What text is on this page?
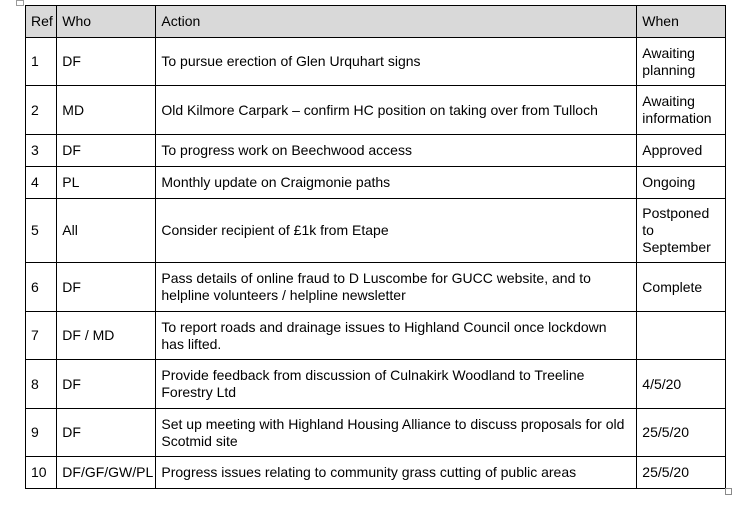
Ref	Who	Action	When
1	DF	To pursue erection of Glen Urquhart signs	Awaiting planning
2	MD	Old Kilmore Carpark – confirm HC position on taking over from Tulloch	Awaiting information
3	DF	To progress work on Beechwood access	Approved
4	PL	Monthly update on Craigmonie paths	Ongoing
5	All	Consider recipient of £1k from Etape	Postponed to September
6	DF	Pass details of online fraud to D Luscombe for GUCC website, and to helpline volunteers / helpline newsletter	Complete
7	DF / MD	To report roads and drainage issues to Highland Council once lockdown has lifted.	
8	DF	Provide feedback from discussion of Culnakirk Woodland to Treeline Forestry Ltd	4/5/20
9	DF	Set up meeting with Highland Housing Alliance to discuss proposals for old Scotmid site	25/5/20
10	DF/GF/GW/PL	Progress issues relating to community grass cutting of public areas	25/5/20
